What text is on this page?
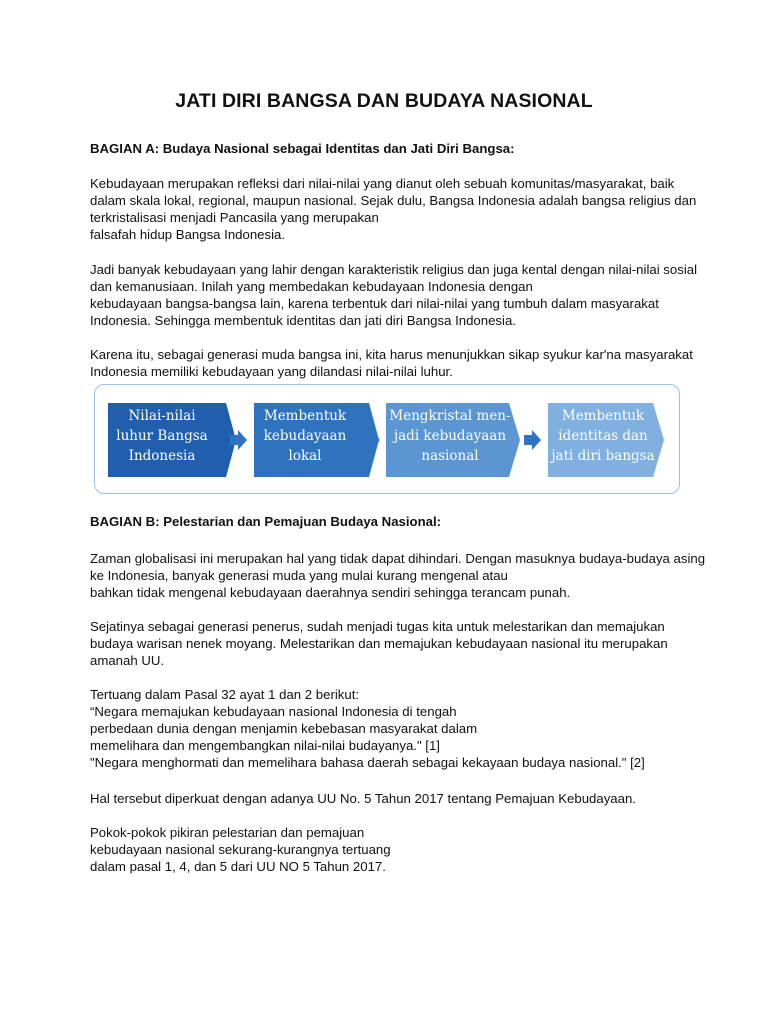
JATI DIRI BANGSA DAN BUDAYA NASIONAL
BAGIAN A: Budaya Nasional sebagai Identitas dan Jati Diri Bangsa:
Kebudayaan merupakan refleksi dari nilai-nilai yang dianut oleh sebuah komunitas/masyarakat, baik
dalam skala lokal, regional, maupun nasional. Sejak dulu, Bangsa Indonesia adalah bangsa religius dan
terkristalisasi menjadi Pancasila yang merupakan
falsafah hidup Bangsa Indonesia.
Jadi banyak kebudayaan yang lahir dengan karakteristik religius dan juga kental dengan nilai-nilai sosial
dan kemanusiaan. Inilah yang membedakan kebudayaan Indonesia dengan
kebudayaan bangsa-bangsa lain, karena terbentuk dari nilai-nilai yang tumbuh dalam masyarakat
Indonesia. Sehingga membentuk identitas dan jati diri Bangsa Indonesia.
Karena itu, sebagai generasi muda bangsa ini, kita harus menunjukkan sikap syukur kar'na masyarakat
Indonesia memiliki kebudayaan yang dilandasi nilai-nilai luhur.
Nilai-nilai
luhur Bangsa
Indonesia
Membentuk
kebudayaan
lokal
Mengkristal men-
jadi kebudayaan
nasional
Membentuk
identitas dan
jati diri bangsa
BAGIAN B: Pelestarian dan Pemajuan Budaya Nasional:
Zaman globalisasi ini merupakan hal yang tidak dapat dihindari. Dengan masuknya budaya-budaya asing
ke Indonesia, banyak generasi muda yang mulai kurang mengenal atau
bahkan tidak mengenal kebudayaan daerahnya sendiri sehingga terancam punah.
Sejatinya sebagai generasi penerus, sudah menjadi tugas kita untuk melestarikan dan memajukan
budaya warisan nenek moyang. Melestarikan dan memajukan kebudayaan nasional itu merupakan
amanah UU.
Tertuang dalam Pasal 32 ayat 1 dan 2 berikut:
“Negara memajukan kebudayaan nasional Indonesia di tengah
perbedaan dunia dengan menjamin kebebasan masyarakat dalam
memelihara dan mengembangkan nilai-nilai budayanya." [1]
"Negara menghormati dan memelihara bahasa daerah sebagai kekayaan budaya nasional." [2]
Hal tersebut diperkuat dengan adanya UU No. 5 Tahun 2017 tentang Pemajuan Kebudayaan.
Pokok-pokok pikiran pelestarian dan pemajuan
kebudayaan nasional sekurang-kurangnya tertuang
dalam pasal 1, 4, dan 5 dari UU NO 5 Tahun 2017.
